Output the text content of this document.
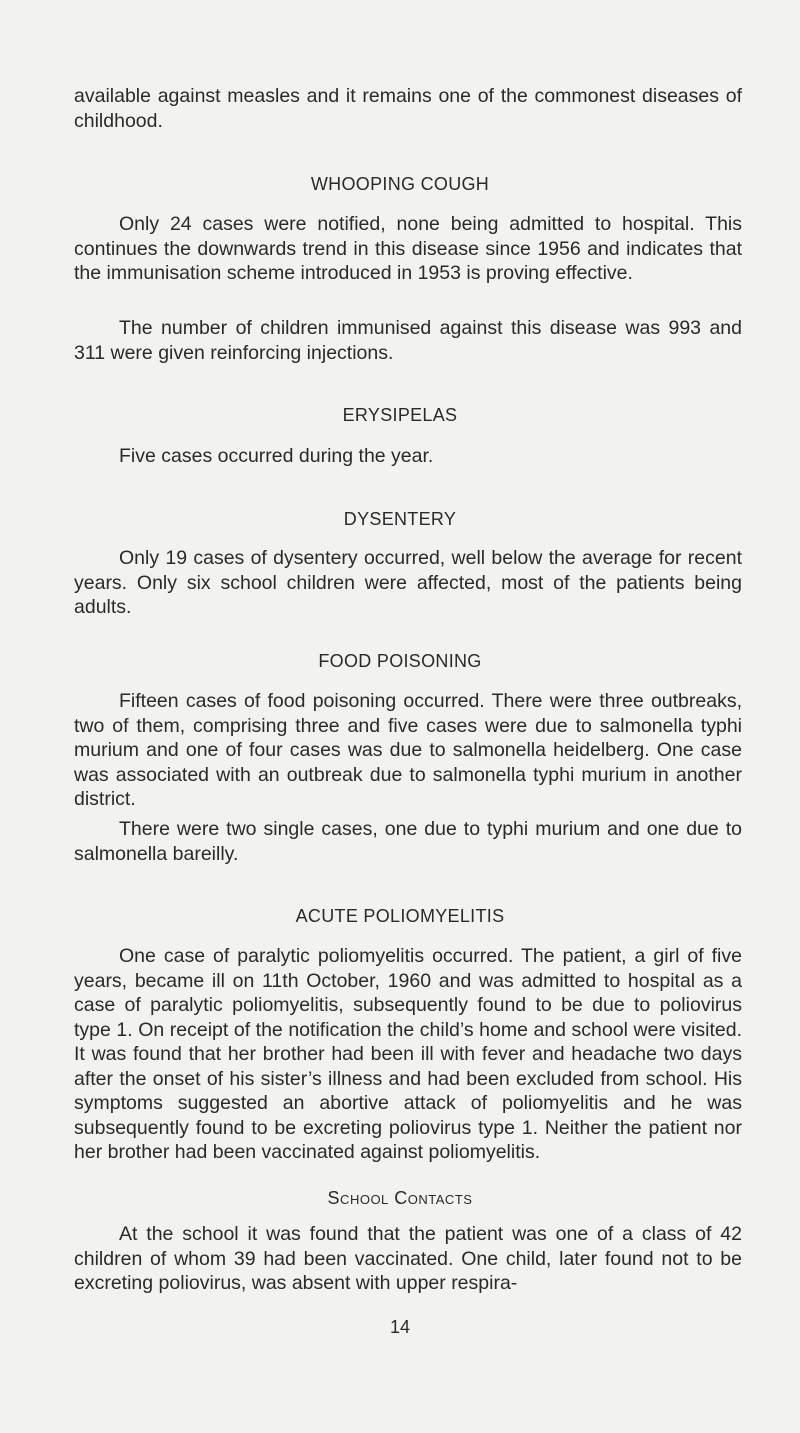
available against measles and it remains one of the commonest diseases of childhood.
WHOOPING COUGH
Only 24 cases were notified, none being admitted to hospital. This continues the downwards trend in this disease since 1956 and indicates that the immunisation scheme introduced in 1953 is proving effective.
The number of children immunised against this disease was 993 and 311 were given reinforcing injections.
ERYSIPELAS
Five cases occurred during the year.
DYSENTERY
Only 19 cases of dysentery occurred, well below the average for recent years. Only six school children were affected, most of the patients being adults.
FOOD POISONING
Fifteen cases of food poisoning occurred. There were three outbreaks, two of them, comprising three and five cases were due to salmonella typhi murium and one of four cases was due to salmonella heidelberg. One case was associated with an outbreak due to salmonella typhi murium in another district.
There were two single cases, one due to typhi murium and one due to salmonella bareilly.
ACUTE POLIOMYELITIS
One case of paralytic poliomyelitis occurred. The patient, a girl of five years, became ill on 11th October, 1960 and was admitted to hospital as a case of paralytic poliomyelitis, subsequently found to be due to poliovirus type 1. On receipt of the notification the child’s home and school were visited. It was found that her brother had been ill with fever and headache two days after the onset of his sister’s illness and had been excluded from school. His symptoms suggested an abortive attack of poliomyelitis and he was subsequently found to be excreting poliovirus type 1. Neither the patient nor her brother had been vaccinated against poliomyelitis.
School Contacts
At the school it was found that the patient was one of a class of 42 children of whom 39 had been vaccinated. One child, later found not to be excreting poliovirus, was absent with upper respira-
14
